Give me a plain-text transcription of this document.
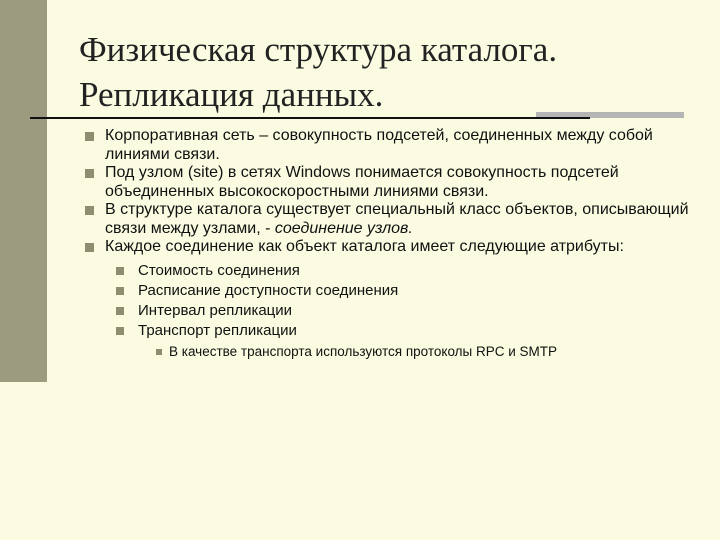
Физическая структура каталога.
Репликация данных.
Корпоративная сеть – совокупность подсетей, соединенных между собой линиями связи.
Под узлом (site) в сетях Windows понимается совокупность подсетей объединенных высокоскоростными линиями связи.
В структуре каталога существует специальный класс объектов, описывающий связи между узлами, - соединение узлов.
Каждое соединение как объект каталога имеет следующие атрибуты:
Стоимость соединения
Расписание доступности соединения
Интервал репликации
Транспорт репликации
В качестве транспорта используются протоколы RPC и SMTP
